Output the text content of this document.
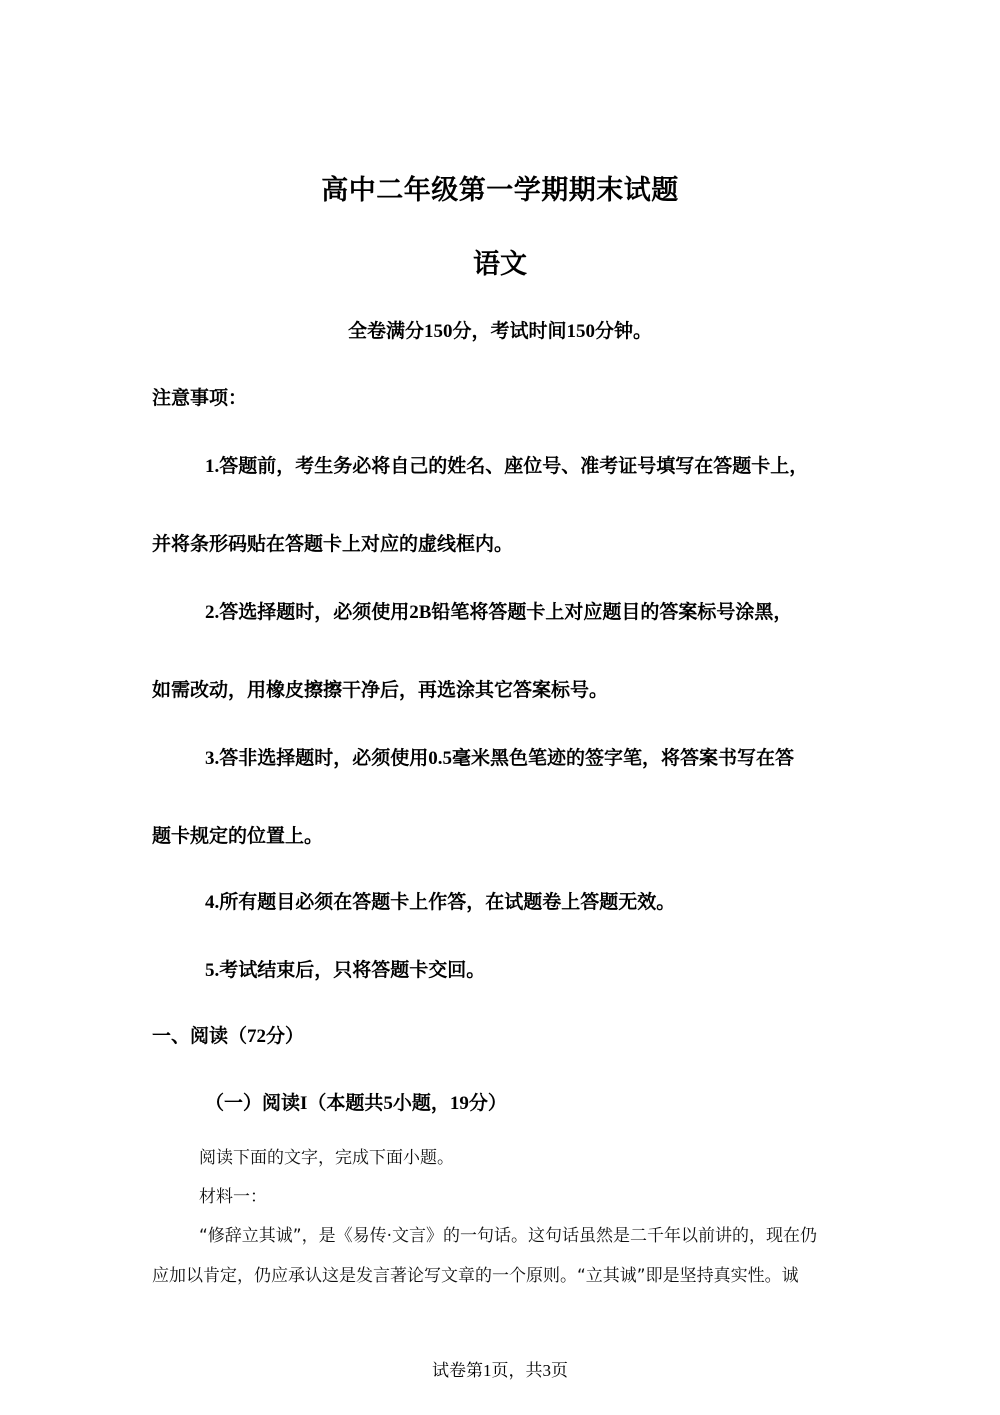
高中二年级第一学期期末试题
语文
全卷满分150分，考试时间150分钟。
注意事项：
1.答题前，考生务必将自己的姓名、座位号、准考证号填写在答题卡上，
并将条形码贴在答题卡上对应的虚线框内。
2.答选择题时，必须使用2B铅笔将答题卡上对应题目的答案标号涂黑，
如需改动，用橡皮擦擦干净后，再选涂其它答案标号。
3.答非选择题时，必须使用0.5毫米黑色笔迹的签字笔，将答案书写在答
题卡规定的位置上。
4.所有题目必须在答题卡上作答，在试题卷上答题无效。
5.考试结束后，只将答题卡交回。
一、阅读（72分）
（一）阅读I（本题共5小题，19分）
阅读下面的文字，完成下面小题。
材料一：
“修辞立其诚”，是《易传·文言》的一句话。这句话虽然是二千年以前讲的，现在仍
应加以肯定，仍应承认这是发言著论写文章的一个原则。“立其诚”即是坚持真实性。诚
试卷第1页，共3页
